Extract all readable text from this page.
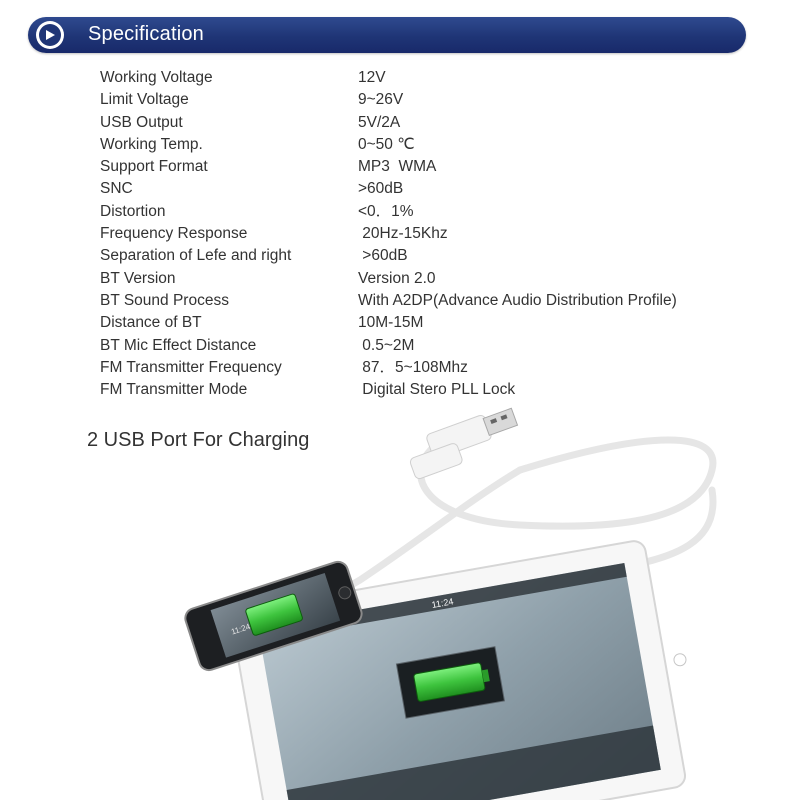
Specification
Working Voltage	12V
Limit Voltage	9~26V
USB Output	5V/2A
Working Temp.	0~50 ℃
Support Format	MP3  WMA
SNC	>60dB
Distortion	<0．1%
Frequency Response	20Hz-15Khz
Separation of Lefe and right	>60dB
BT Version	Version 2.0
BT Sound Process	With A2DP(Advance Audio Distribution Profile)
Distance of BT	10M-15M
BT Mic Effect Distance	0.5~2M
FM Transmitter Frequency	87．5~108Mhz
FM Transmitter Mode	Digital Stero PLL Lock
2 USB Port For Charging
11:24
11:24
